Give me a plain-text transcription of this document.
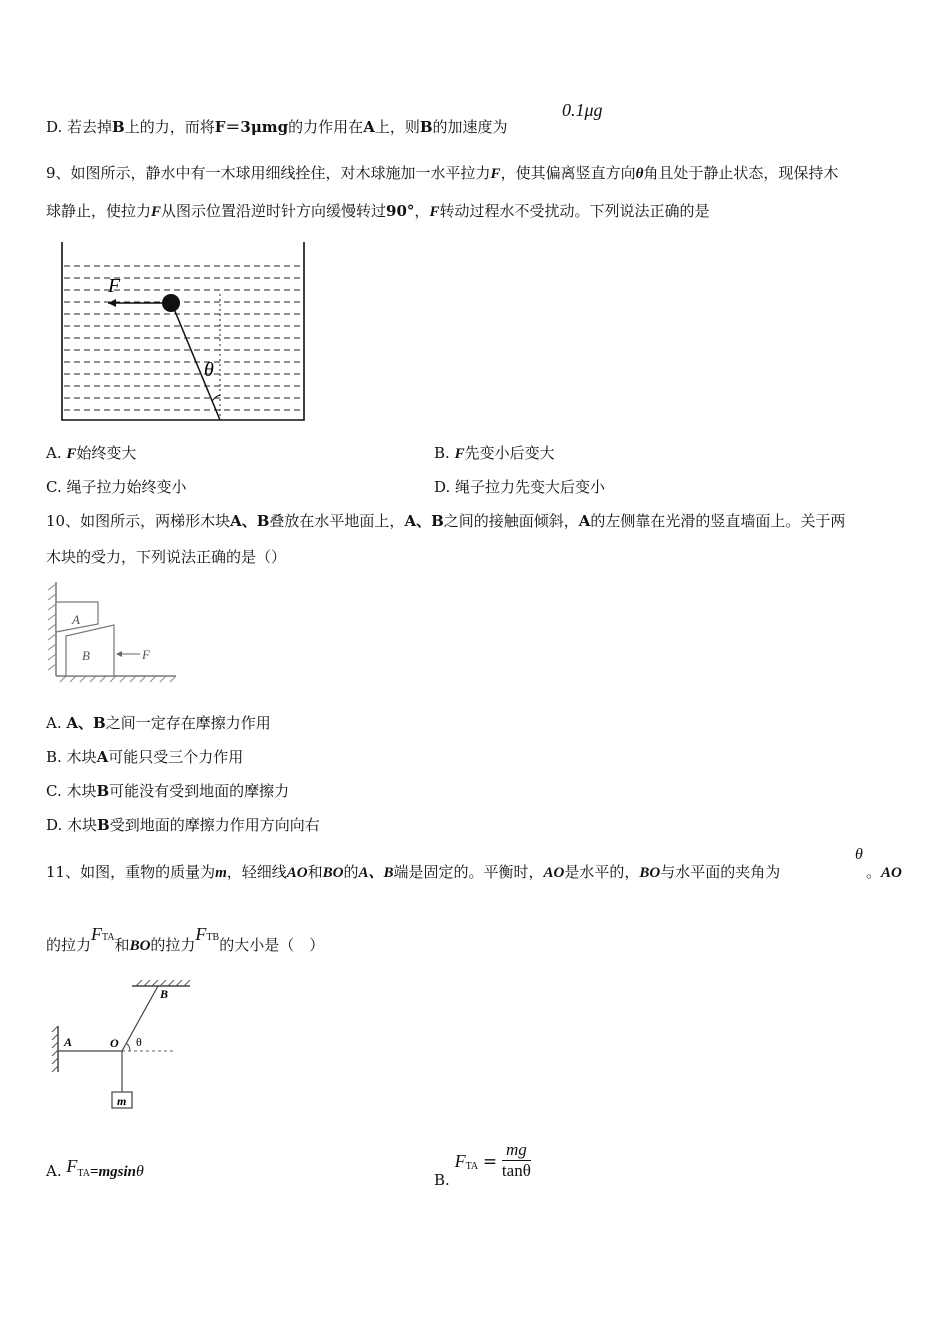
D. 若去掉B上的力，而将F＝3μmg的力作用在A上，则B的加速度为
0.1μg
9、如图所示，静水中有一木球用细线拴住，对木球施加一水平拉力F，使其偏离竖直方向θ角且处于静止状态，现保持木
球静止，使拉力F从图示位置沿逆时针方向缓慢转过90°，F转动过程水不受扰动。下列说法正确的是
F
θ
A. F始终变大	B. F先变小后变大
C. 绳子拉力始终变小	D. 绳子拉力先变大后变小
10、如图所示，两梯形木块A、B叠放在水平地面上，A、B之间的接触面倾斜，A的左侧靠在光滑的竖直墙面上。关于两
木块的受力，下列说法正确的是（）
A
B	F
A. A、B之间一定存在摩擦力作用
B. 木块A可能只受三个力作用
C. 木块B可能没有受到地面的摩擦力
D. 木块B受到地面的摩擦力作用方向向右
11、如图，重物的质量为m，轻细线AO和BO的A、B端是固定的。平衡时，AO是水平的，BO与水平面的夹角为
θ
。AO
的拉力FTA和BO的拉力FTB的大小是（　）
A	O
B
θ
m
A. FTA=mgsinθ	B. $F_{TA} = \frac{mg}{\tan\theta}$
